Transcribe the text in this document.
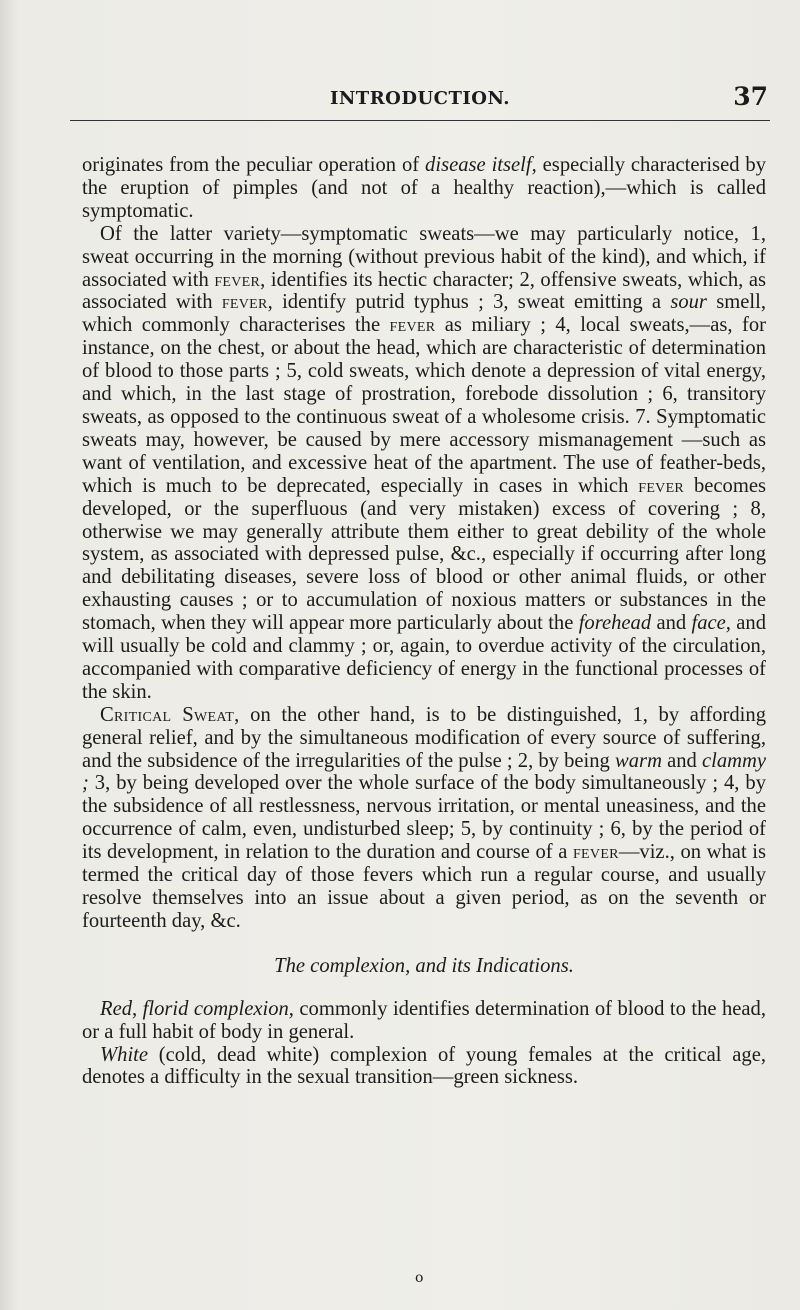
INTRODUCTION.	37

originates from the peculiar operation of disease itself, especially characterised by the eruption of pimples (and not of a healthy reaction),—which is called symptomatic.

Of the latter variety—symptomatic sweats—we may particularly notice, 1, sweat occurring in the morning (without previous habit of the kind), and which, if associated with fever, identifies its hectic character; 2, offensive sweats, which, as associated with fever, identify putrid typhus ; 3, sweat emitting a sour smell, which commonly characterises the fever as miliary ; 4, local sweats,—as, for instance, on the chest, or about the head, which are characteristic of determination of blood to those parts ; 5, cold sweats, which denote a depression of vital energy, and which, in the last stage of prostration, forebode dissolution ; 6, transitory sweats, as opposed to the continuous sweat of a wholesome crisis. 7. Symptomatic sweats may, however, be caused by mere accessory mismanagement —such as want of ventilation, and excessive heat of the apartment. The use of feather-beds, which is much to be deprecated, especially in cases in which fever becomes developed, or the superfluous (and very mistaken) excess of covering ; 8, otherwise we may generally attribute them either to great debility of the whole system, as associated with depressed pulse, &c., especially if occurring after long and debilitating diseases, severe loss of blood or other animal fluids, or other exhausting causes ; or to accumulation of noxious matters or substances in the stomach, when they will appear more particularly about the forehead and face, and will usually be cold and clammy ; or, again, to overdue activity of the circulation, accompanied with comparative deficiency of energy in the functional processes of the skin.

Critical Sweat, on the other hand, is to be distinguished, 1, by affording general relief, and by the simultaneous modification of every source of suffering, and the subsidence of the irregularities of the pulse ; 2, by being warm and clammy ; 3, by being developed over the whole surface of the body simultaneously ; 4, by the subsidence of all restlessness, nervous irritation, or mental uneasiness, and the occurrence of calm, even, undisturbed sleep; 5, by continuity ; 6, by the period of its development, in relation to the duration and course of a fever—viz., on what is termed the critical day of those fevers which run a regular course, and usually resolve themselves into an issue about a given period, as on the seventh or fourteenth day, &c.

The complexion, and its Indications.

Red, florid complexion, commonly identifies determination of blood to the head, or a full habit of body in general.

White (cold, dead white) complexion of young females at the critical age, denotes a difficulty in the sexual transition—green sickness.

o
